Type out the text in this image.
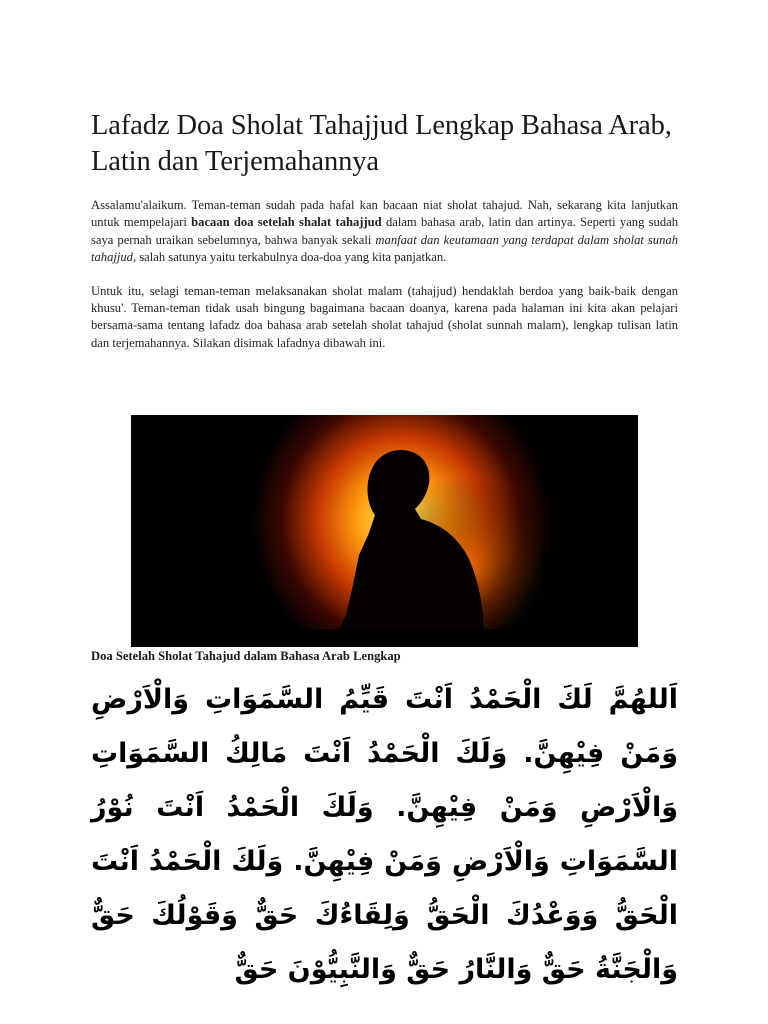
Lafadz Doa Sholat Tahajjud Lengkap Bahasa Arab, Latin dan Terjemahannya

Assalamu'alaikum. Teman-teman sudah pada hafal kan bacaan niat sholat tahajud. Nah, sekarang kita lanjutkan untuk mempelajari bacaan doa setelah shalat tahajjud dalam bahasa arab, latin dan artinya. Seperti yang sudah saya pernah uraikan sebelumnya, bahwa banyak sekali manfaat dan keutamaan yang terdapat dalam sholat sunah tahajjud, salah satunya yaitu terkabulnya doa-doa yang kita panjatkan.

Untuk itu, selagi teman-teman melaksanakan sholat malam (tahajjud) hendaklah berdoa yang baik-baik dengan khusu'. Teman-teman tidak usah bingung bagaimana bacaan doanya, karena pada halaman ini kita akan pelajari bersama-sama tentang lafadz doa bahasa arab setelah sholat tahajud (sholat sunnah malam), lengkap tulisan latin dan terjemahannya. Silakan disimak lafadnya dibawah ini.

Doa Setelah Sholat Tahajud dalam Bahasa Arab Lengkap
اَللهُمَّ لَكَ الْحَمْدُ اَنْتَ قَيِّمُ السَّمَوَاتِ وَالْاَرْضِ وَمَنْ فِيْهِنَّ. وَلَكَ الْحَمْدُ اَنْتَ مَالِكُ السَّمَوَاتِ وَالْاَرْضِ وَمَنْ فِيْهِنَّ. وَلَكَ الْحَمْدُ اَنْتَ نُوْرُ السَّمَوَاتِ وَالْاَرْضِ وَمَنْ فِيْهِنَّ. وَلَكَ الْحَمْدُ اَنْتَ الْحَقُّ وَوَعْدُكَ الْحَقُّ وَلِقَاءُكَ حَقٌّ وَقَوْلُكَ حَقٌّ وَالْجَنَّةُ حَقٌّ وَالنَّارُ حَقٌّ وَالنَّبِيُّوْنَ حَقٌّ
